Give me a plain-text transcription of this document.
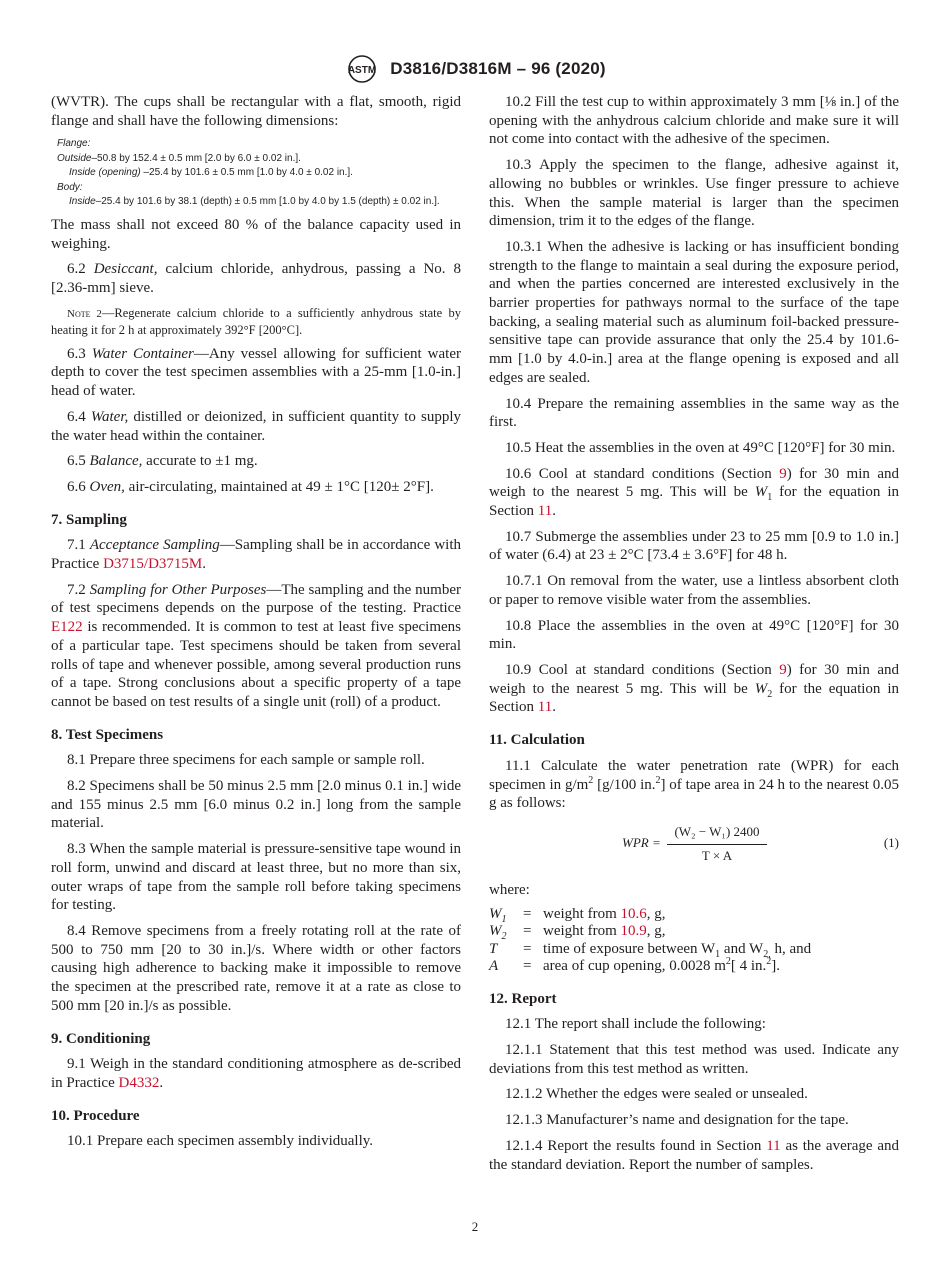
ASTM D3816/D3816M – 96 (2020)

(WVTR). The cups shall be rectangular with a flat, smooth, rigid flange and shall have the following dimensions:

Flange:
Outside–50.8 by 152.4 ± 0.5 mm [2.0 by 6.0 ± 0.02 in.].
Inside (opening) –25.4 by 101.6 ± 0.5 mm [1.0 by 4.0 ± 0.02 in.].
Body:
Inside–25.4 by 101.6 by 38.1 (depth) ± 0.5 mm [1.0 by 4.0 by 1.5 (depth) ± 0.02 in.].

The mass shall not exceed 80 % of the balance capacity used in weighing.

6.2 Desiccant, calcium chloride, anhydrous, passing a No. 8 [2.36-mm] sieve.

Note 2—Regenerate calcium chloride to a sufficiently anhydrous state by heating it for 2 h at approximately 392°F [200°C].

6.3 Water Container—Any vessel allowing for sufficient water depth to cover the test specimen assemblies with a 25-mm [1.0-in.] head of water.

6.4 Water, distilled or deionized, in sufficient quantity to supply the water head within the container.

6.5 Balance, accurate to ±1 mg.

6.6 Oven, air-circulating, maintained at 49 ± 1°C [120± 2°F].

7. Sampling

7.1 Acceptance Sampling—Sampling shall be in accordance with Practice D3715/D3715M.

7.2 Sampling for Other Purposes—The sampling and the number of test specimens depends on the purpose of the testing. Practice E122 is recommended. It is common to test at least five specimens of a particular tape. Test specimens should be taken from several rolls of tape and whenever possible, among several production runs of a tape. Strong conclusions about a specific property of a tape cannot be based on test results of a single unit (roll) of a product.

8. Test Specimens

8.1 Prepare three specimens for each sample or sample roll.

8.2 Specimens shall be 50 minus 2.5 mm [2.0 minus 0.1 in.] wide and 155 minus 2.5 mm [6.0 minus 0.2 in.] long from the sample material.

8.3 When the sample material is pressure-sensitive tape wound in roll form, unwind and discard at least three, but no more than six, outer wraps of tape from the sample roll before taking specimens for testing.

8.4 Remove specimens from a freely rotating roll at the rate of 500 to 750 mm [20 to 30 in.]/s. Where width or other factors causing high adherence to backing make it impossible to remove the specimen at the prescribed rate, remove it at a rate as close to 500 mm [20 in.]/s as possible.

9. Conditioning

9.1 Weigh in the standard conditioning atmosphere as de-scribed in Practice D4332.

10. Procedure

10.1 Prepare each specimen assembly individually.

10.2 Fill the test cup to within approximately 3 mm [⅛ in.] of the opening with the anhydrous calcium chloride and make sure it will not come into contact with the adhesive of the specimen.

10.3 Apply the specimen to the flange, adhesive against it, allowing no bubbles or wrinkles. Use finger pressure to achieve this. When the sample material is larger than the specimen dimension, trim it to the edges of the flange.

10.3.1 When the adhesive is lacking or has insufficient bonding strength to the flange to maintain a seal during the exposure period, and when the parties concerned are interested exclusively in the barrier properties for pathways normal to the surface of the tape backing, a sealing material such as aluminum foil-backed pressure-sensitive tape can provide assurance that only the 25.4 by 101.6-mm [1.0 by 4.0-in.] area at the flange opening is exposed and all edges are sealed.

10.4 Prepare the remaining assemblies in the same way as the first.

10.5 Heat the assemblies in the oven at 49°C [120°F] for 30 min.

10.6 Cool at standard conditions (Section 9) for 30 min and weigh to the nearest 5 mg. This will be $W_1$ for the equation in Section 11.

10.7 Submerge the assemblies under 23 to 25 mm [0.9 to 1.0 in.] of water (6.4) at 23 ± 2°C [73.4 ± 3.6°F] for 48 h.

10.7.1 On removal from the water, use a lintless absorbent cloth or paper to remove visible water from the assemblies.

10.8 Place the assemblies in the oven at 49°C [120°F] for 30 min.

10.9 Cool at standard conditions (Section 9) for 30 min and weigh to the nearest 5 mg. This will be $W_2$ for the equation in Section 11.

11. Calculation

11.1 Calculate the water penetration rate (WPR) for each specimen in $g/m^2$ [g/100 in.$^2$] of tape area in 24 h to the nearest 0.05 g as follows:

WPR = $\frac{\text{(W₂ − W₁) 2400}}{T \times A}$	(1)

where:

$W_1$	= weight from 10.6, g,
$W_2$	= weight from 10.9, g,
T	= time of exposure between $W_1$ and $W_{2,}$ h, and
A	= area of cup opening, 0.0028 $m^2$[ 4 in.$^2$].
12. Report

12.1 The report shall include the following:

12.1.1 Statement that this test method was used. Indicate any deviations from this test method as written.

12.1.2 Whether the edges were sealed or unsealed.

12.1.3 Manufacturer’s name and designation for the tape.

12.1.4 Report the results found in Section 11 as the average and the standard deviation. Report the number of samples.

2
